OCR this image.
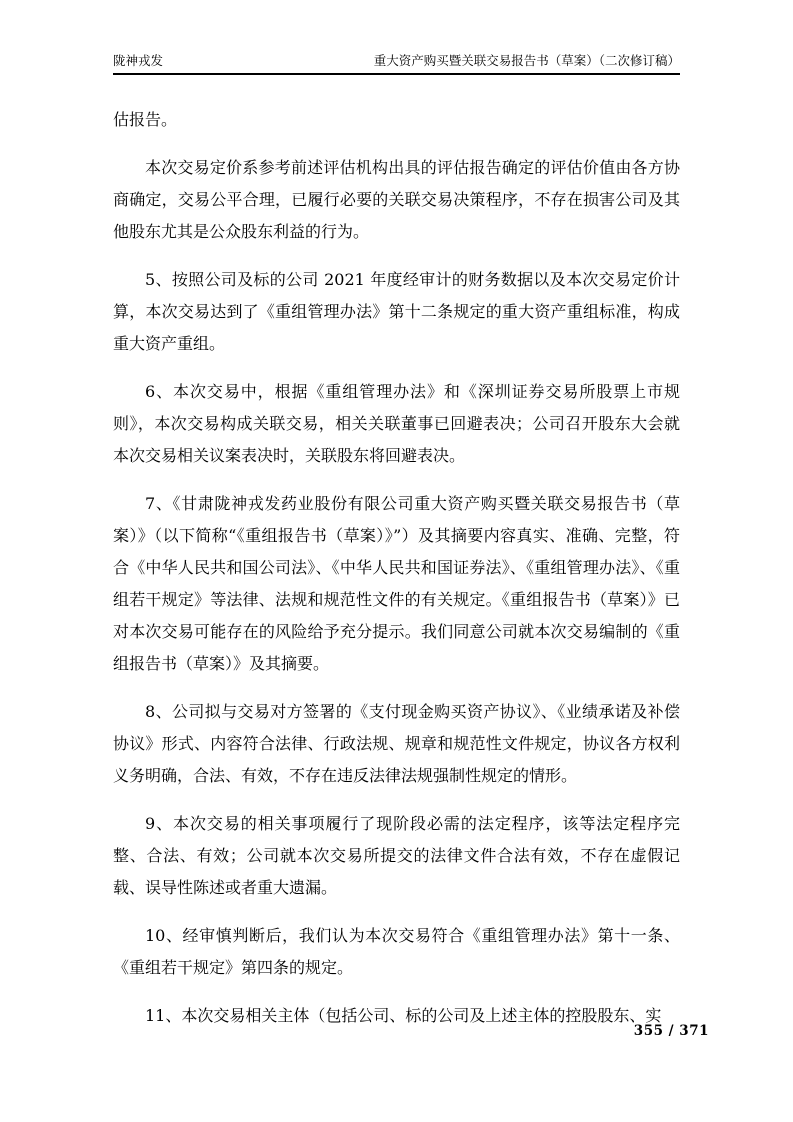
陇神戎发	重大资产购买暨关联交易报告书（草案）（二次修订稿）

估报告。

本次交易定价系参考前述评估机构出具的评估报告确定的评估价值由各方协商确定，交易公平合理，已履行必要的关联交易决策程序，不存在损害公司及其他股东尤其是公众股东利益的行为。

5、按照公司及标的公司 2021 年度经审计的财务数据以及本次交易定价计算，本次交易达到了《重组管理办法》第十二条规定的重大资产重组标准，构成重大资产重组。

6、本次交易中，根据《重组管理办法》和《深圳证券交易所股票上市规则》，本次交易构成关联交易，相关关联董事已回避表决；公司召开股东大会就本次交易相关议案表决时，关联股东将回避表决。

7、《甘肃陇神戎发药业股份有限公司重大资产购买暨关联交易报告书（草案）》（以下简称“《重组报告书（草案）》”）及其摘要内容真实、准确、完整，符合《中华人民共和国公司法》、《中华人民共和国证券法》、《重组管理办法》、《重组若干规定》等法律、法规和规范性文件的有关规定。《重组报告书（草案）》已对本次交易可能存在的风险给予充分提示。我们同意公司就本次交易编制的《重组报告书（草案）》及其摘要。

8、公司拟与交易对方签署的《支付现金购买资产协议》、《业绩承诺及补偿协议》形式、内容符合法律、行政法规、规章和规范性文件规定，协议各方权利义务明确，合法、有效，不存在违反法律法规强制性规定的情形。

9、本次交易的相关事项履行了现阶段必需的法定程序，该等法定程序完整、合法、有效；公司就本次交易所提交的法律文件合法有效，不存在虚假记载、误导性陈述或者重大遗漏。

10、经审慎判断后，我们认为本次交易符合《重组管理办法》第十一条、《重组若干规定》第四条的规定。

11、本次交易相关主体（包括公司、标的公司及上述主体的控股股东、实

355 / 371
